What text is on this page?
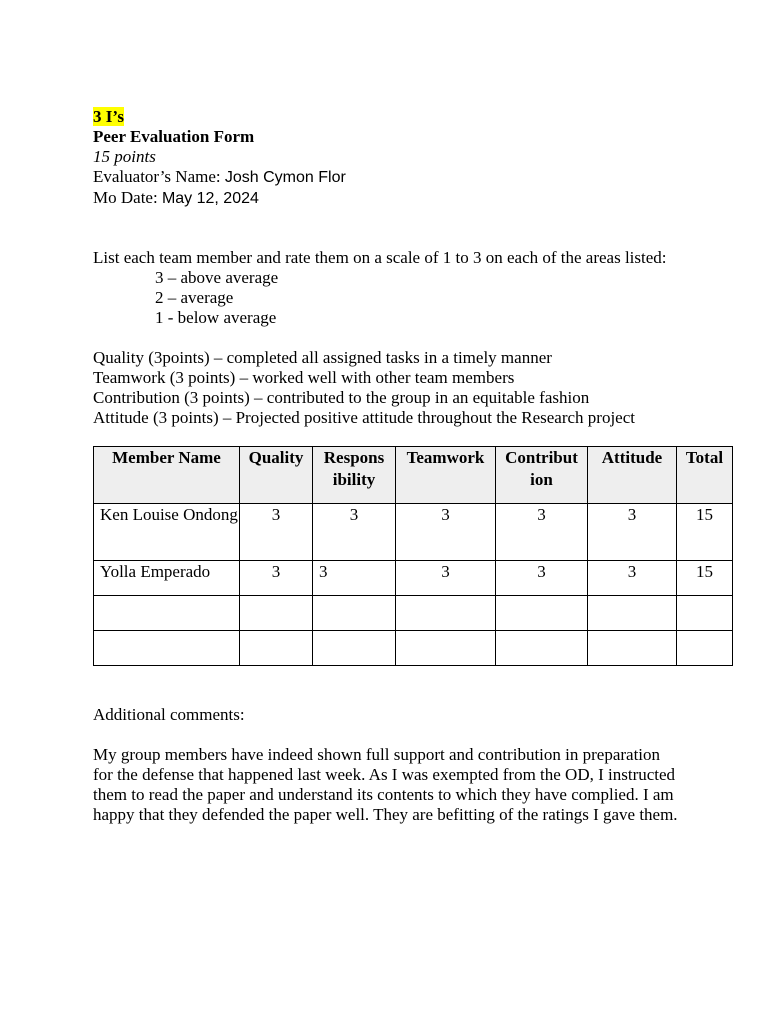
3 I’s
Peer Evaluation Form
15 points
Evaluator’s Name: Josh Cymon Flor
Mo Date: May 12, 2024
List each team member and rate them on a scale of 1 to 3 on each of the areas listed:
3 – above average
2 – average
1 - below average
Quality (3points) – completed all assigned tasks in a timely manner
Teamwork (3 points) – worked well with other team members
Contribution (3 points) – contributed to the group in an equitable fashion
Attitude (3 points) – Projected positive attitude throughout the Research project
Member Name	Quality	Respons ibility	Teamwork	Contribut ion	Attitude	Total
Ken Louise Ondong	3	3	3	3	3	15
Yolla Emperado	3	3	3	3	3	15

Additional comments:
My group members have indeed shown full support and contribution in preparation for the defense that happened last week. As I was exempted from the OD, I instructed them to read the paper and understand its contents to which they have complied. I am happy that they defended the paper well. They are befitting of the ratings I gave them.
